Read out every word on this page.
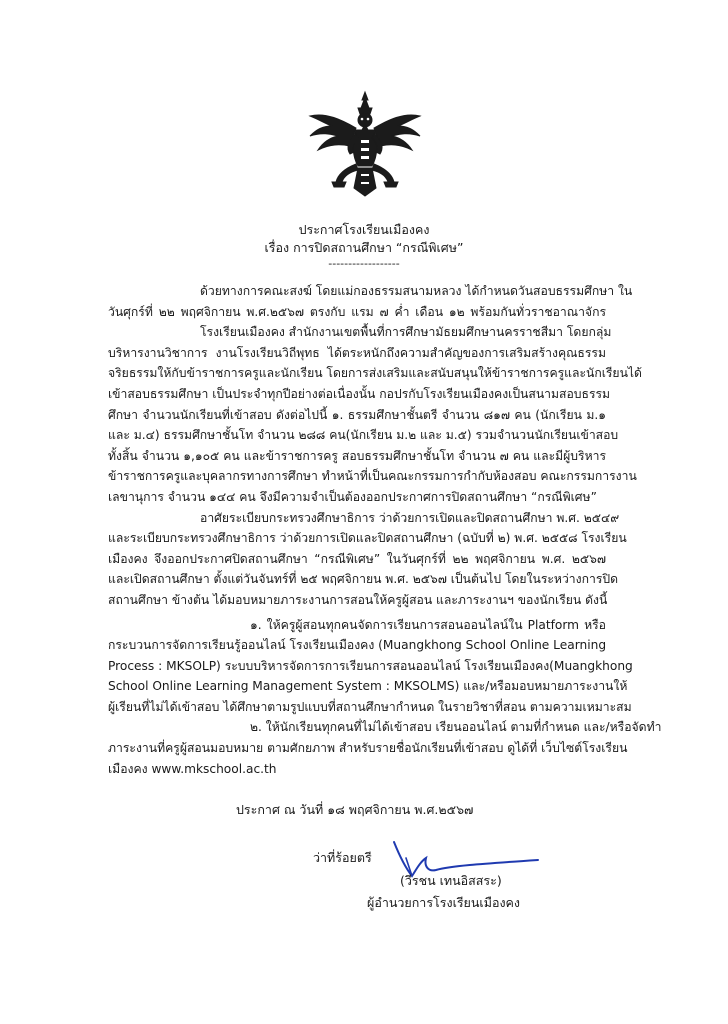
ประกาศโรงเรียนเมืองคง
เรื่อง การปิดสถานศึกษา “กรณีพิเศษ”
------------------
ด้วยทางการคณะสงฆ์ โดยแม่กองธรรมสนามหลวง ได้กำหนดวันสอบธรรมศึกษา ใน
วันศุกร์ที่ ๒๒ พฤศจิกายน พ.ศ.๒๕๖๗ ตรงกับ แรม ๗ ค่ำ เดือน ๑๒ พร้อมกันทั่วราชอาณาจักร
โรงเรียนเมืองคง สำนักงานเขตพื้นที่การศึกษามัธยมศึกษานครราชสีมา โดยกลุ่ม
บริหารงานวิชาการ งานโรงเรียนวิถีพุทธ ได้ตระหนักถึงความสำคัญของการเสริมสร้างคุณธรรม
จริยธรรมให้กับข้าราชการครูและนักเรียน โดยการส่งเสริมและสนับสนุนให้ข้าราชการครูและนักเรียนได้
เข้าสอบธรรมศึกษา เป็นประจำทุกปีอย่างต่อเนื่องนั้น กอปรกับโรงเรียนเมืองคงเป็นสนามสอบธรรม
ศึกษา จำนวนนักเรียนที่เข้าสอบ ดังต่อไปนี้ ๑. ธรรมศึกษาชั้นตรี จำนวน ๘๑๗ คน (นักเรียน ม.๑
และ ม.๔) ธรรมศึกษาชั้นโท จำนวน ๒๘๘ คน(นักเรียน ม.๒ และ ม.๕) รวมจำนวนนักเรียนเข้าสอบ
ทั้งสิ้น จำนวน ๑,๑๐๕ คน และข้าราชการครู สอบธรรมศึกษาชั้นโท จำนวน ๗ คน และมีผู้บริหาร
ข้าราชการครูและบุคลากรทางการศึกษา ทำหน้าที่เป็นคณะกรรมการกำกับห้องสอบ คณะกรรมการงาน
เลขานุการ จำนวน ๑๔๔ คน จึงมีความจำเป็นต้องออกประกาศการปิดสถานศึกษา “กรณีพิเศษ”
อาศัยระเบียบกระทรวงศึกษาธิการ ว่าด้วยการเปิดและปิดสถานศึกษา พ.ศ. ๒๕๔๙
และระเบียบกระทรวงศึกษาธิการ ว่าด้วยการเปิดและปิดสถานศึกษา (ฉบับที่ ๒) พ.ศ. ๒๕๕๘ โรงเรียน
เมืองคง จึงออกประกาศปิดสถานศึกษา “กรณีพิเศษ” ในวันศุกร์ที่ ๒๒ พฤศจิกายน พ.ศ. ๒๕๖๗
และเปิดสถานศึกษา ตั้งแต่วันจันทร์ที่ ๒๕ พฤศจิกายน พ.ศ. ๒๕๖๗ เป็นต้นไป โดยในระหว่างการปิด
สถานศึกษา ข้างต้น ได้มอบหมายภาระงานการสอนให้ครูผู้สอน และภาระงานฯ ของนักเรียน ดังนี้
๑. ให้ครูผู้สอนทุกคนจัดการเรียนการสอนออนไลน์ใน Platform หรือ
กระบวนการจัดการเรียนรู้ออนไลน์ โรงเรียนเมืองคง (Muangkhong School Online Learning
Process : MKSOLP) ระบบบริหารจัดการการเรียนการสอนออนไลน์ โรงเรียนเมืองคง(Muangkhong
School Online Learning Management System : MKSOLMS) และ/หรือมอบหมายภาระงานให้
ผู้เรียนที่ไม่ได้เข้าสอบ ได้ศึกษาตามรูปแบบที่สถานศึกษากำหนด ในรายวิชาที่สอน ตามความเหมาะสม
๒. ให้นักเรียนทุกคนที่ไม่ได้เข้าสอบ เรียนออนไลน์ ตามที่กำหนด และ/หรือจัดทำ
ภาระงานที่ครูผู้สอนมอบหมาย ตามศักยภาพ สำหรับรายชื่อนักเรียนที่เข้าสอบ ดูได้ที่ เว็บไซต์โรงเรียน
เมืองคง www.mkschool.ac.th
ประกาศ ณ วันที่ ๑๘ พฤศจิกายน พ.ศ.๒๕๖๗
ว่าที่ร้อยตรี
(วีรชน เทนอิสสระ)
ผู้อำนวยการโรงเรียนเมืองคง
